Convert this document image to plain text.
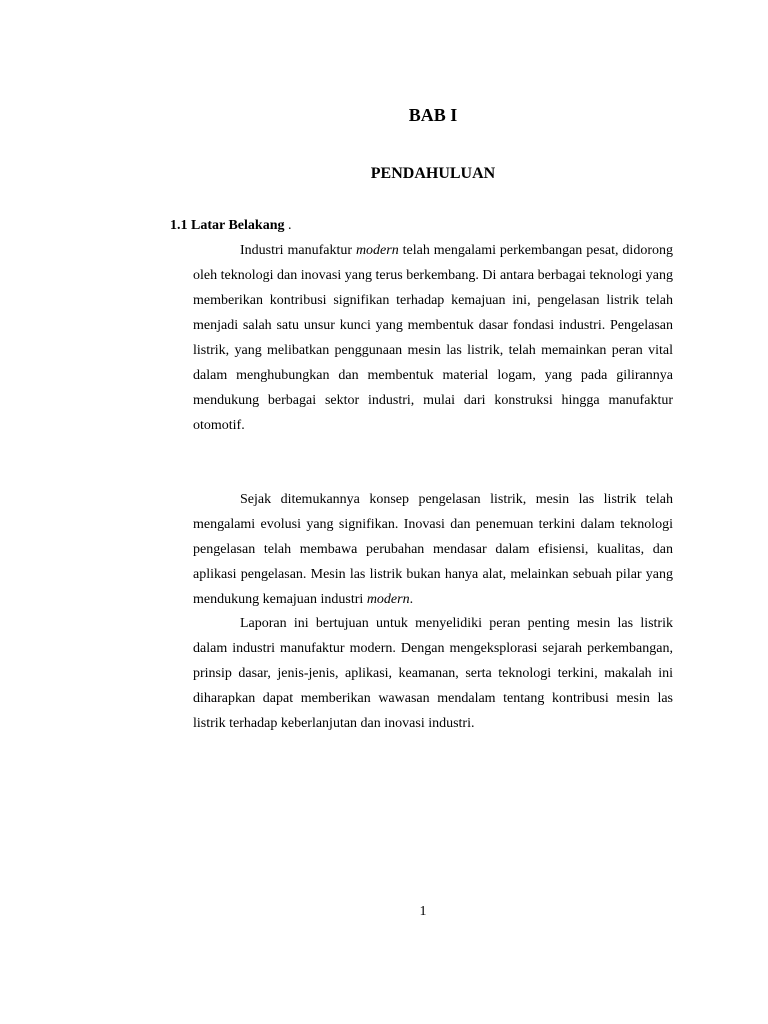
BAB I
PENDAHULUAN

1.1 Latar Belakang .

Industri manufaktur modern telah mengalami perkembangan pesat, didorong oleh teknologi dan inovasi yang terus berkembang. Di antara berbagai teknologi yang memberikan kontribusi signifikan terhadap kemajuan ini, pengelasan listrik telah menjadi salah satu unsur kunci yang membentuk dasar fondasi industri. Pengelasan listrik, yang melibatkan penggunaan mesin las listrik, telah memainkan peran vital dalam menghubungkan dan membentuk material logam, yang pada gilirannya mendukung berbagai sektor industri, mulai dari konstruksi hingga manufaktur otomotif.

Sejak ditemukannya konsep pengelasan listrik, mesin las listrik telah mengalami evolusi yang signifikan. Inovasi dan penemuan terkini dalam teknologi pengelasan telah membawa perubahan mendasar dalam efisiensi, kualitas, dan aplikasi pengelasan. Mesin las listrik bukan hanya alat, melainkan sebuah pilar yang mendukung kemajuan industri modern.

Laporan ini bertujuan untuk menyelidiki peran penting mesin las listrik dalam industri manufaktur modern. Dengan mengeksplorasi sejarah perkembangan, prinsip dasar, jenis-jenis, aplikasi, keamanan, serta teknologi terkini, makalah ini diharapkan dapat memberikan wawasan mendalam tentang kontribusi mesin las listrik terhadap keberlanjutan dan inovasi industri.

1
